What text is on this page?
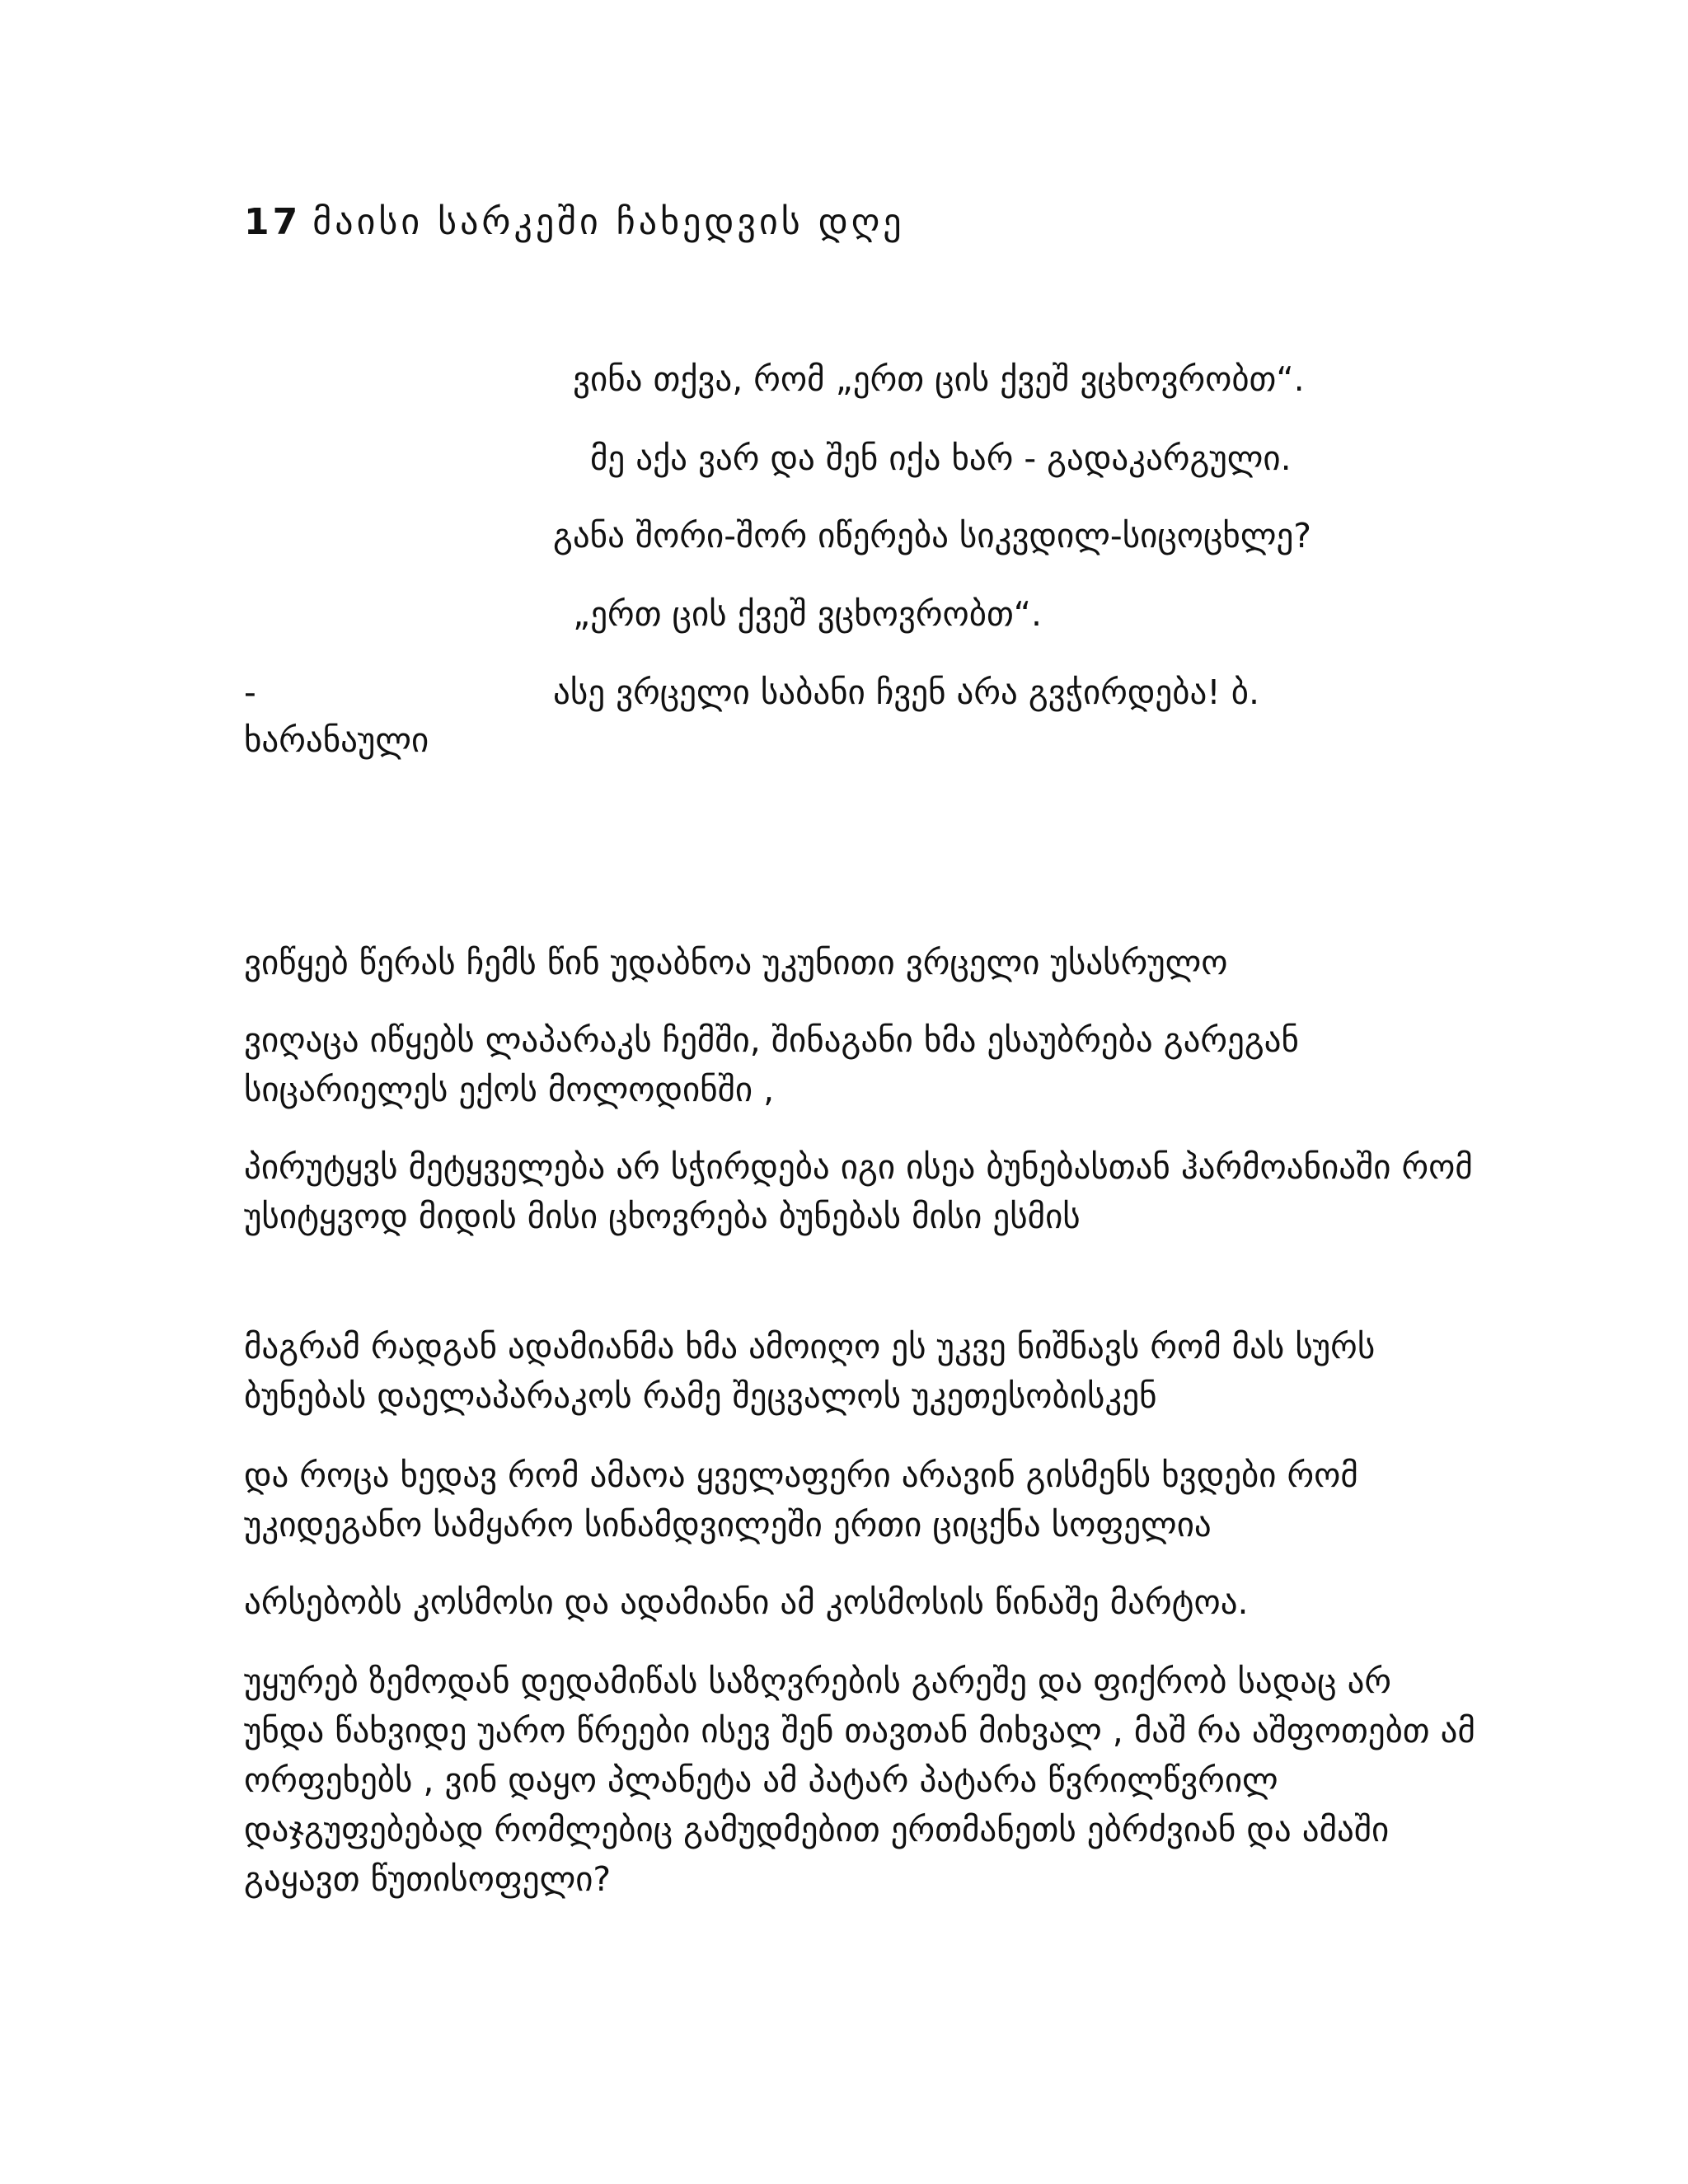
17 მაისი სარკეში ჩახედვის დღე
ვინა თქვა, რომ „ერთ ცის ქვეშ ვცხოვრობთ“.
მე აქა ვარ და შენ იქა ხარ - გადაკარგული.
განა შორი-შორ იწერება სიკვდილ-სიცოცხლე?
„ერთ ცის ქვეშ ვცხოვრობთ“.
-	ასე ვრცელი საბანი ჩვენ არა გვჭირდება! ბ.
ხარანაული

ვიწყებ წერას ჩემს წინ უდაბნოა უკუნითი ვრცელი უსასრულო

ვიღაცა იწყებს ლაპარაკს ჩემში, შინაგანი ხმა ესაუბრება გარეგან სიცარიელეს ექოს მოლოდინში ,

პირუტყვს მეტყველება არ სჭირდება იგი ისეა ბუნებასთან ჰარმოანიაში რომ უსიტყვოდ მიდის მისი ცხოვრება ბუნებას მისი ესმის

მაგრამ რადგან ადამიანმა ხმა ამოიღო ეს უკვე ნიშნავს რომ მას სურს ბუნებას დაელაპარაკოს რამე შეცვალოს უკეთესობისკენ

და როცა ხედავ რომ ამაოა ყველაფერი არავინ გისმენს ხვდები რომ უკიდეგანო სამყარო სინამდვილეში ერთი ციცქნა სოფელია

არსებობს კოსმოსი და ადამიანი ამ კოსმოსის წინაშე მარტოა.

უყურებ ზემოდან დედამიწას საზღვრების გარეშე და ფიქრობ სადაც არ უნდა წახვიდე უარო წრეები ისევ შენ თავთან მიხვალ , მაშ რა აშფოთებთ ამ ორფეხებს , ვინ დაყო პლანეტა ამ პატარ პატარა წვრილწვრილ დაჯგუფებებად რომლებიც გამუდმებით ერთმანეთს ებრძვიან და ამაში გაყავთ წუთისოფელი?
